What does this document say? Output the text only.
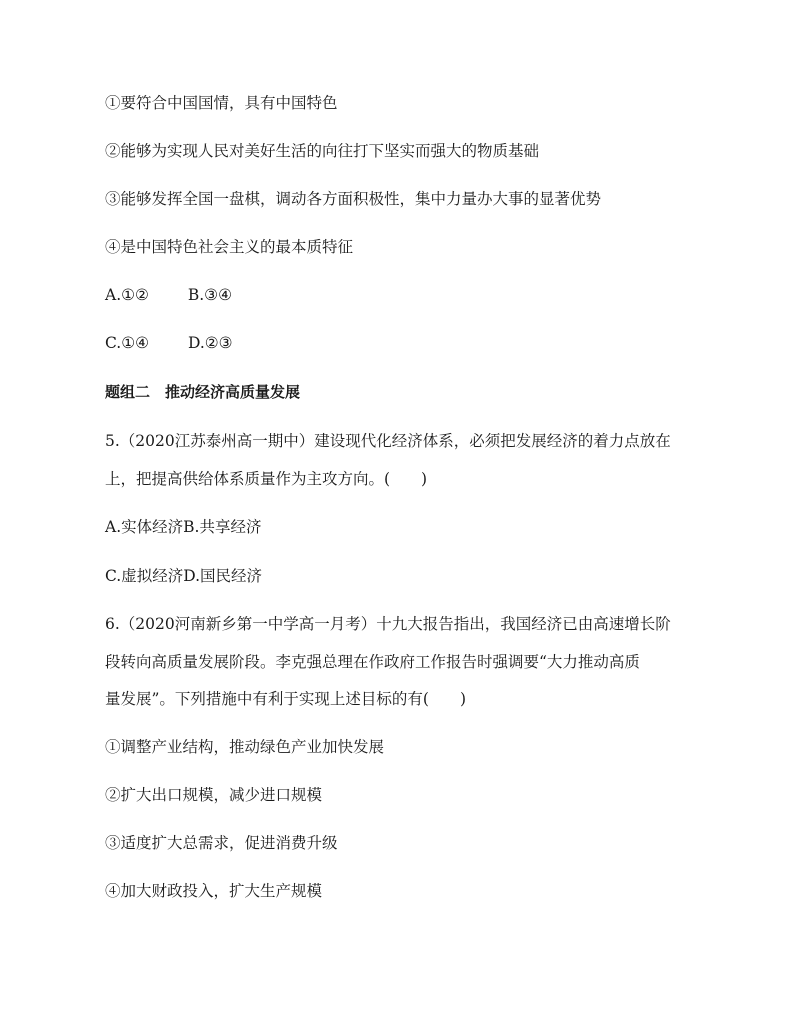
①要符合中国国情，具有中国特色
②能够为实现人民对美好生活的向往打下坚实而强大的物质基础
③能够发挥全国一盘棋，调动各方面积极性，集中力量办大事的显著优势
④是中国特色社会主义的最本质特征
A.①②	B.③④
C.①④	D.②③
题组二　推动经济高质量发展
5.（2020江苏泰州高一期中）建设现代化经济体系，必须把发展经济的着力点放在
上，把提高供给体系质量作为主攻方向。(　　)
A.实体经济B.共享经济
C.虚拟经济D.国民经济
6.（2020河南新乡第一中学高一月考）十九大报告指出，我国经济已由高速增长阶
段转向高质量发展阶段。李克强总理在作政府工作报告时强调要“大力推动高质
量发展”。下列措施中有利于实现上述目标的有(　　)
①调整产业结构，推动绿色产业加快发展
②扩大出口规模，减少进口规模
③适度扩大总需求，促进消费升级
④加大财政投入，扩大生产规模
